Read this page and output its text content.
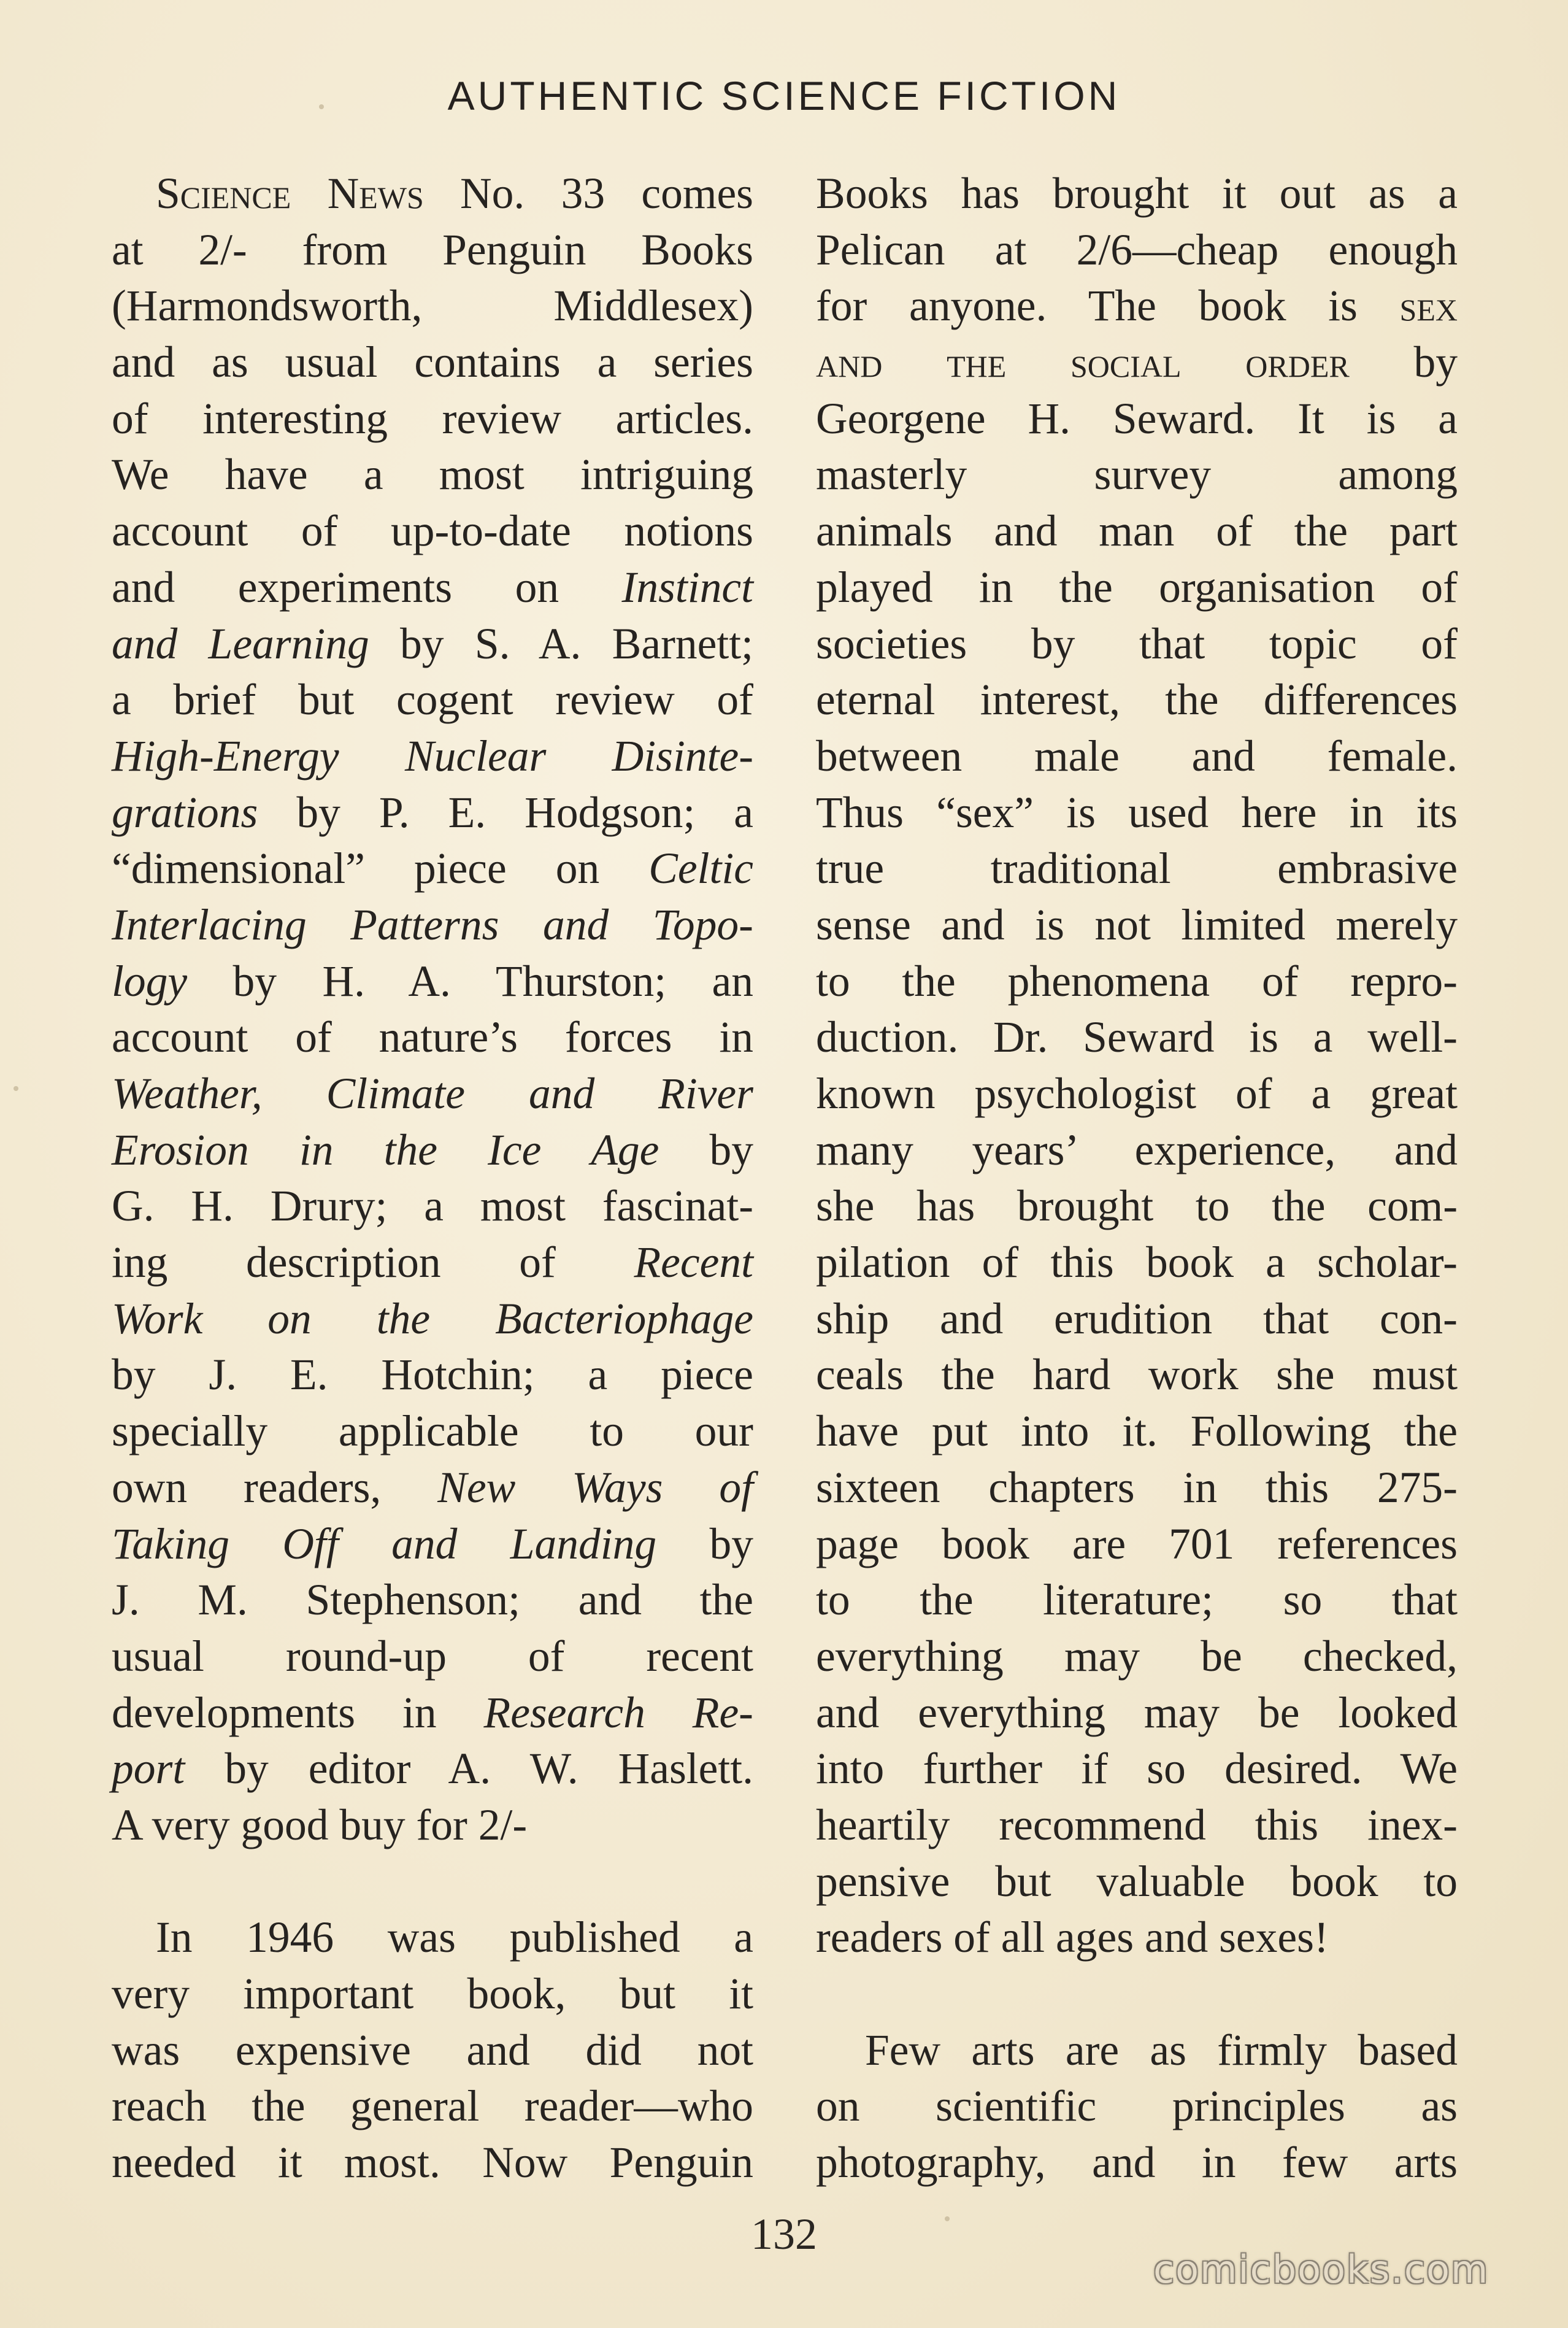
AUTHENTIC SCIENCE FICTION
Science News No. 33 comes
at 2/- from Penguin Books
(Harmondsworth, Middlesex)
and as usual contains a series
of interesting review articles.
We have a most intriguing
account of up-to-date notions
and experiments on Instinct
and Learning by S. A. Barnett;
a brief but cogent review of
High-Energy Nuclear Disinte-
grations by P. E. Hodgson; a
“dimensional” piece on Celtic
Interlacing Patterns and Topo-
logy by H. A. Thurston; an
account of nature’s forces in
Weather, Climate and River
Erosion in the Ice Age by
G. H. Drury; a most fascinat-
ing description of Recent
Work on the Bacteriophage
by J. E. Hotchin; a piece
specially applicable to our
own readers, New Ways of
Taking Off and Landing by
J. M. Stephenson; and the
usual round-up of recent
developments in Research Re-
port by editor A. W. Haslett.
A very good buy for 2/-
In 1946 was published a
very important book, but it
was expensive and did not
reach the general reader—who
needed it most. Now Penguin
Books has brought it out as a
Pelican at 2/6—cheap enough
for anyone. The book is sex
and the social order by
Georgene H. Seward. It is a
masterly survey among
animals and man of the part
played in the organisation of
societies by that topic of
eternal interest, the differences
between male and female.
Thus “sex” is used here in its
true traditional embrasive
sense and is not limited merely
to the phenomena of repro-
duction. Dr. Seward is a well-
known psychologist of a great
many years’ experience, and
she has brought to the com-
pilation of this book a scholar-
ship and erudition that con-
ceals the hard work she must
have put into it. Following the
sixteen chapters in this 275-
page book are 701 references
to the literature; so that
everything may be checked,
and everything may be looked
into further if so desired. We
heartily recommend this inex-
pensive but valuable book to
readers of all ages and sexes!
Few arts are as firmly based
on scientific principles as
photography, and in few arts
132
comicbooks.com
